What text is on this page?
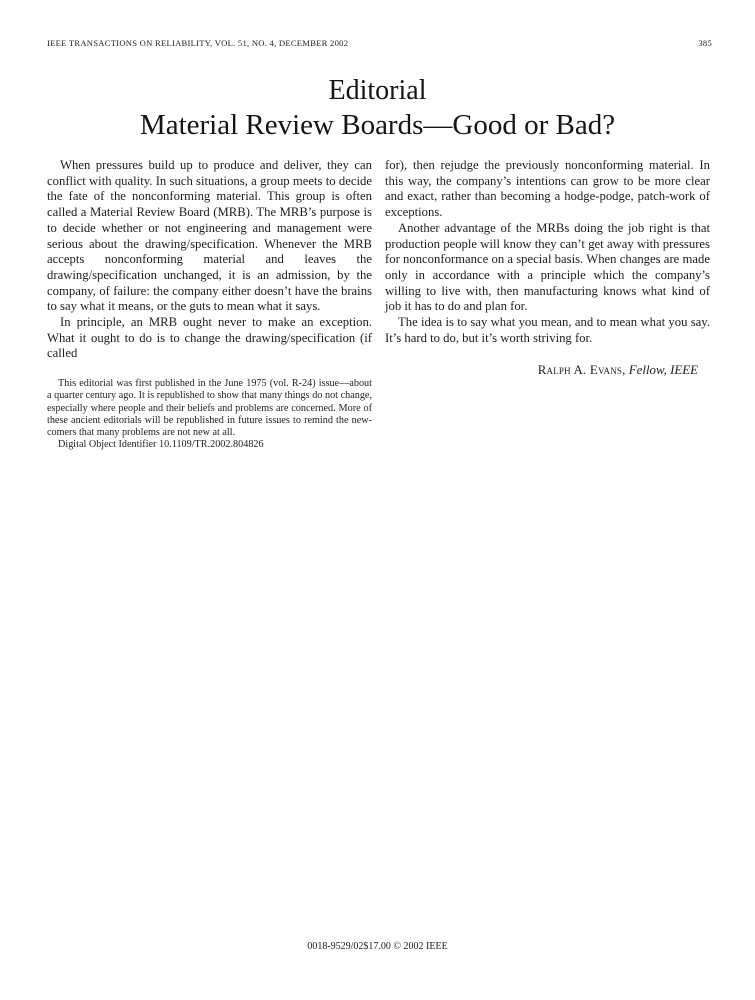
IEEE TRANSACTIONS ON RELIABILITY, VOL. 51, NO. 4, DECEMBER 2002	385
Editorial
Material Review Boards—Good or Bad?

When pressures build up to produce and deliver, they can conflict with quality. In such situations, a group meets to decide the fate of the nonconforming material. This group is often called a Material Review Board (MRB). The MRB’s purpose is to decide whether or not engineering and management were serious about the drawing/specification. Whenever the MRB accepts nonconforming material and leaves the drawing/specification unchanged, it is an admission, by the company, of failure: the company either doesn’t have the brains to say what it means, or the guts to mean what it says.

In principle, an MRB ought never to make an exception. What it ought to do is to change the drawing/specification (if called

This editorial was first published in the June 1975 (vol. R-24) issue—about a quarter century ago. It is republished to show that many things do not change, especially where people and their beliefs and problems are concerned. More of these ancient editorials will be republished in future issues to remind the new-comers that many problems are not new at all.

Digital Object Identifier 10.1109/TR.2002.804826

for), then rejudge the previously nonconforming material. In this way, the company’s intentions can grow to be more clear and exact, rather than becoming a hodge-podge, patch-work of exceptions.

Another advantage of the MRBs doing the job right is that production people will know they can’t get away with pressures for nonconformance on a special basis. When changes are made only in accordance with a principle which the company’s willing to live with, then manufacturing knows what kind of job it has to do and plan for.

The idea is to say what you mean, and to mean what you say. It’s hard to do, but it’s worth striving for.

Ralph A. Evans, Fellow, IEEE
0018-9529/02$17.00 © 2002 IEEE
